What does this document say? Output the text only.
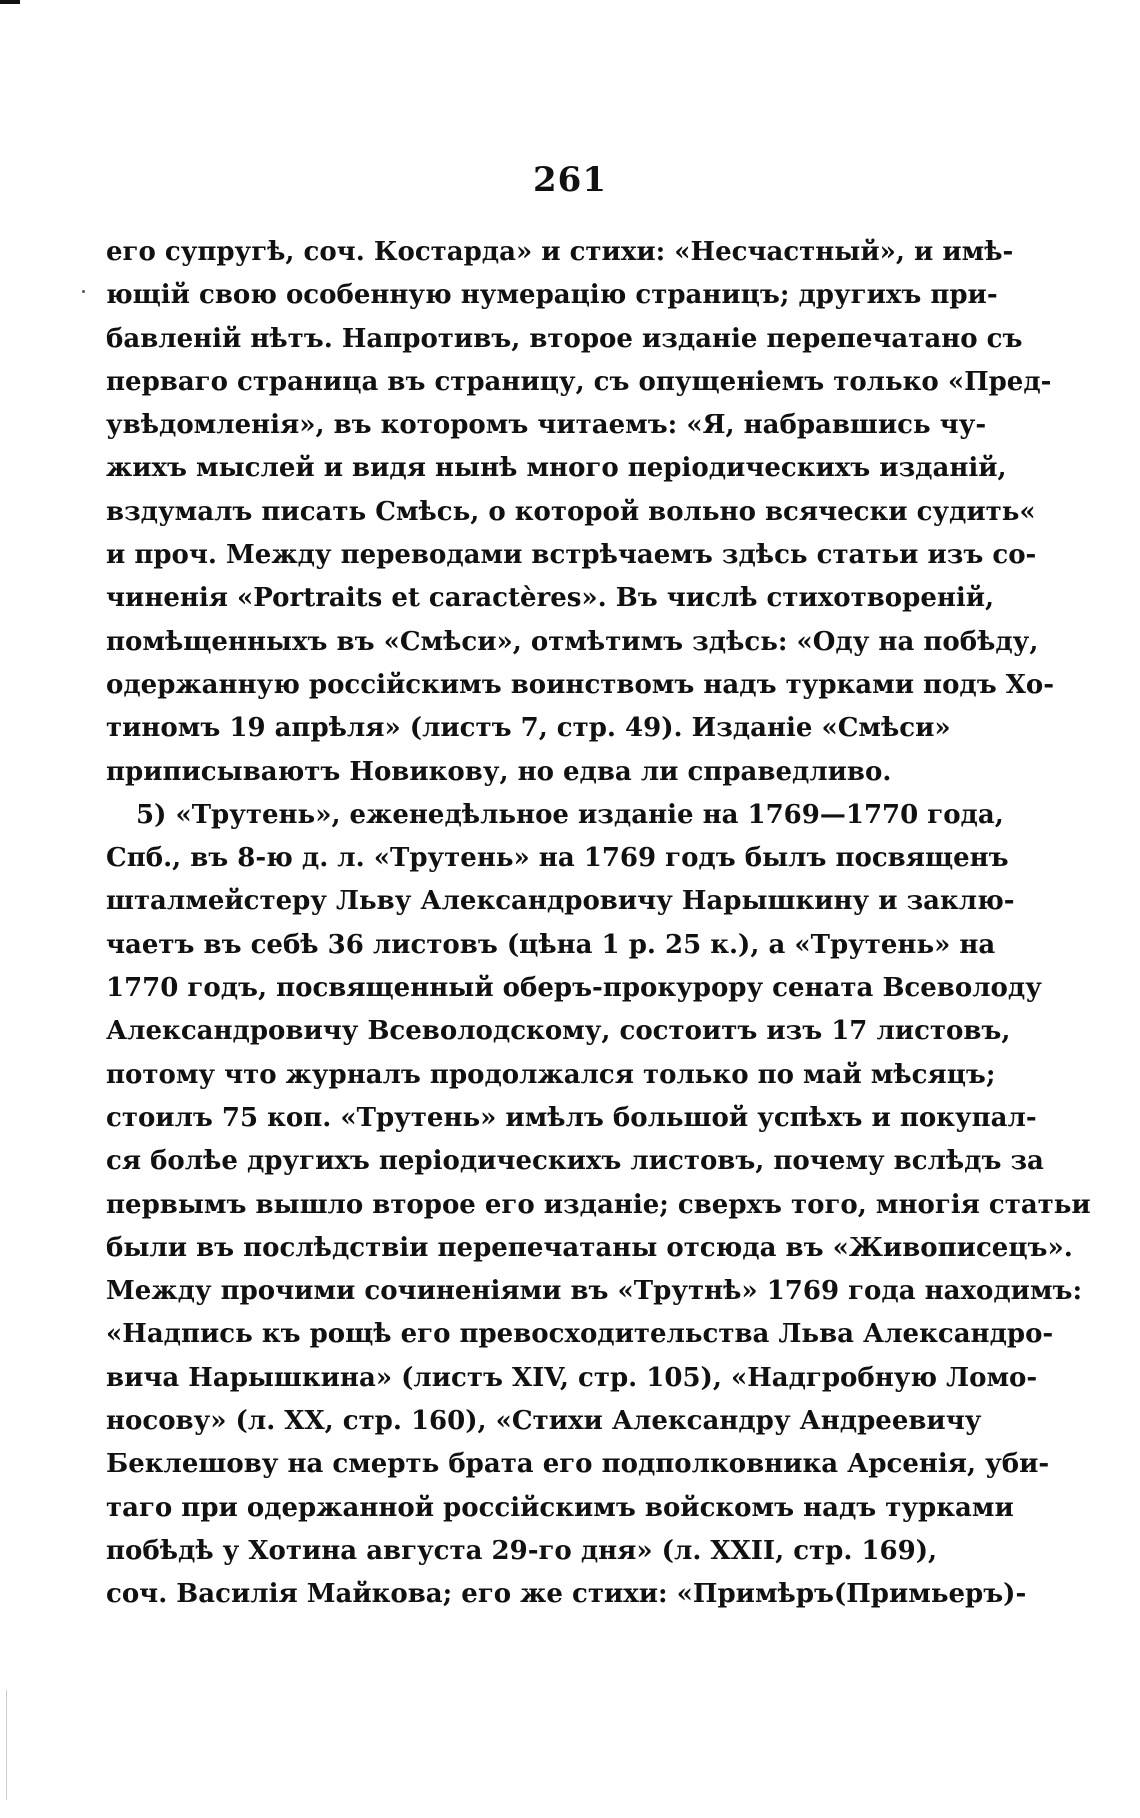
261
его супругѣ, соч. Костарда» и стихи: «Несчастный», и имѣ-
ющій свою особенную нумерацію страницъ; другихъ при-
бавленій нѣтъ. Напротивъ, второе изданіе перепечатано съ
перваго страница въ страницу, съ опущеніемъ только «Пред-
увѣдомленія», въ которомъ читаемъ: «Я, набравшись чу-
жихъ мыслей и видя нынѣ много періодическихъ изданій,
вздумалъ писать Смѣсь, о которой вольно всячески судить«
и проч. Между переводами встрѣчаемъ здѣсь статьи изъ со-
чиненія «Portraits et caractères». Въ числѣ стихотвореній,
помѣщенныхъ въ «Смѣси», отмѣтимъ здѣсь: «Оду на побѣду,
одержанную россійскимъ воинствомъ надъ турками подъ Хо-
тиномъ 19 апрѣля» (листъ 7, стр. 49). Изданіе «Смѣси»
приписываютъ Новикову, но едва ли справедливо.
5) «Трутень», еженедѣльное изданіе на 1769—1770 года,
Спб., въ 8-ю д. л. «Трутень» на 1769 годъ былъ посвященъ
шталмейстеру Льву Александровичу Нарышкину и заклю-
чаетъ въ себѣ 36 листовъ (цѣна 1 р. 25 к.), а «Трутень» на
1770 годъ, посвященный оберъ-прокурору сената Всеволоду
Александровичу Всеволодскому, состоитъ изъ 17 листовъ,
потому что журналъ продолжался только по май мѣсяцъ;
стоилъ 75 коп. «Трутень» имѣлъ большой успѣхъ и покупал-
ся болѣе другихъ періодическихъ листовъ, почему вслѣдъ за
первымъ вышло второе его изданіе; сверхъ того, многія статьи
были въ послѣдствіи перепечатаны отсюда въ «Живописецъ».
Между прочими сочиненіями въ «Трутнѣ» 1769 года находимъ:
«Надпись къ рощѣ его превосходительства Льва Александро-
вича Нарышкина» (листъ XIV, стр. 105), «Надгробную Ломо-
носову» (л. XX, стр. 160), «Стихи Александру Андреевичу
Беклешову на смерть брата его подполковника Арсенія, уби-
таго при одержанной россійскимъ войскомъ надъ турками
побѣдѣ у Хотина августа 29-го дня» (л. XXII, стр. 169),
соч. Василія Майкова; его же стихи: «Примѣръ(Примьеръ)-
